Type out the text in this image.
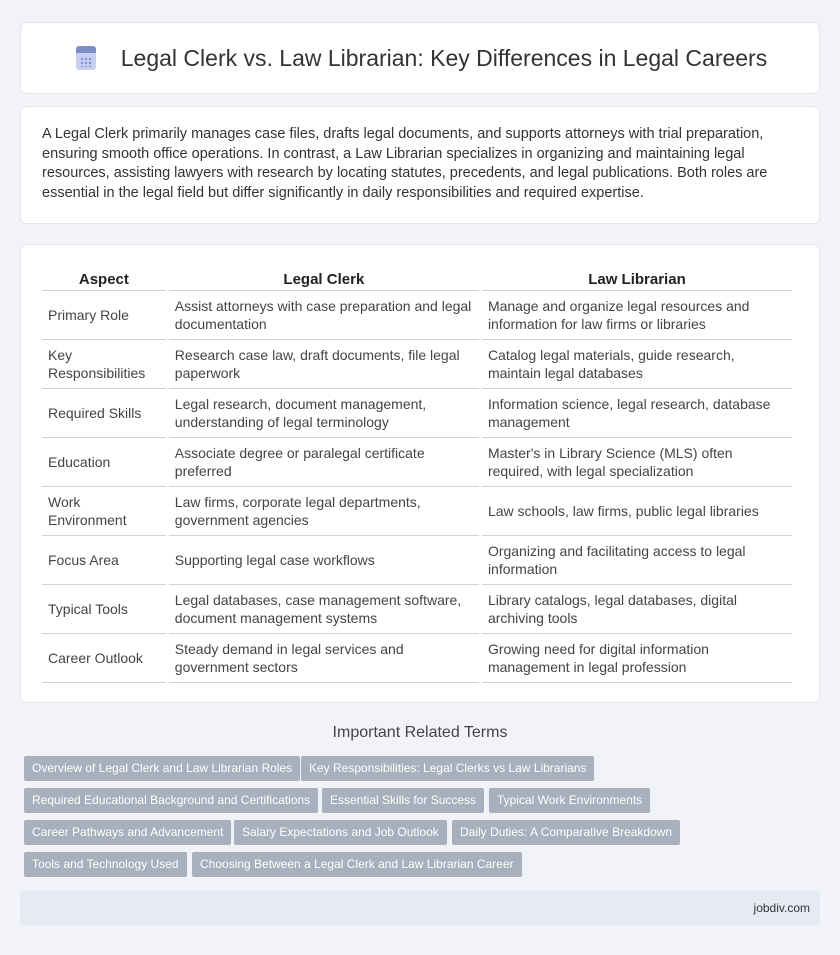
Legal Clerk vs. Law Librarian: Key Differences in Legal Careers

A Legal Clerk primarily manages case files, drafts legal documents, and supports attorneys with trial preparation, ensuring smooth office operations. In contrast, a Law Librarian specializes in organizing and maintaining legal resources, assisting lawyers with research by locating statutes, precedents, and legal publications. Both roles are essential in the legal field but differ significantly in daily responsibilities and required expertise.

Aspect	Legal Clerk	Law Librarian
Primary Role	Assist attorneys with case preparation and legal documentation	Manage and organize legal resources and information for law firms or libraries
Key Responsibilities	Research case law, draft documents, file legal paperwork	Catalog legal materials, guide research, maintain legal databases
Required Skills	Legal research, document management, understanding of legal terminology	Information science, legal research, database management
Education	Associate degree or paralegal certificate preferred	Master's in Library Science (MLS) often required, with legal specialization
Work Environment	Law firms, corporate legal departments, government agencies	Law schools, law firms, public legal libraries
Focus Area	Supporting legal case workflows	Organizing and facilitating access to legal information
Typical Tools	Legal databases, case management software, document management systems	Library catalogs, legal databases, digital archiving tools
Career Outlook	Steady demand in legal services and government sectors	Growing need for digital information management in legal profession
Important Related Terms
Overview of Legal Clerk and Law Librarian Roles	Key Responsibilities: Legal Clerks vs Law Librarians
Required Educational Background and Certifications	Essential Skills for Success	Typical Work Environments
Career Pathways and Advancement	Salary Expectations and Job Outlook	Daily Duties: A Comparative Breakdown
Tools and Technology Used	Choosing Between a Legal Clerk and Law Librarian Career
jobdiv.com
